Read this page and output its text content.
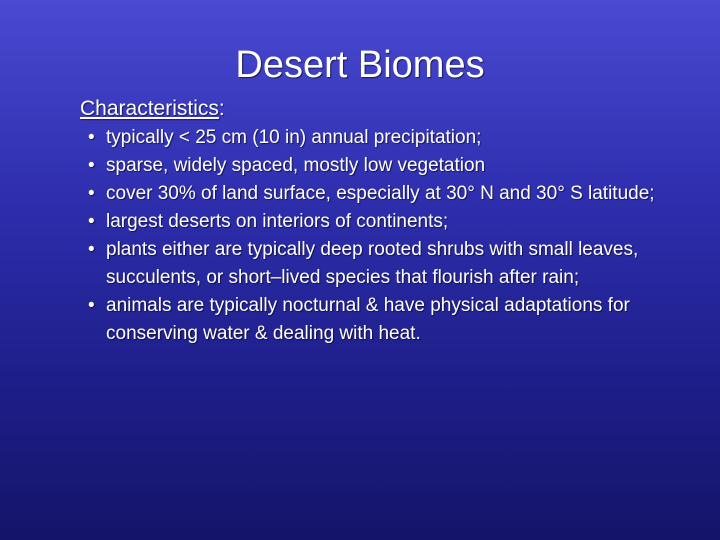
Desert Biomes
Characteristics:
• typically < 25 cm (10 in) annual precipitation;
• sparse, widely spaced, mostly low vegetation
• cover 30% of land surface, especially at 30° N and 30° S latitude;
• largest deserts on interiors of continents;
• plants either are typically deep rooted shrubs with small leaves, succulents, or short–lived species that flourish after rain;
• animals are typically nocturnal & have physical adaptations for conserving water & dealing with heat.
